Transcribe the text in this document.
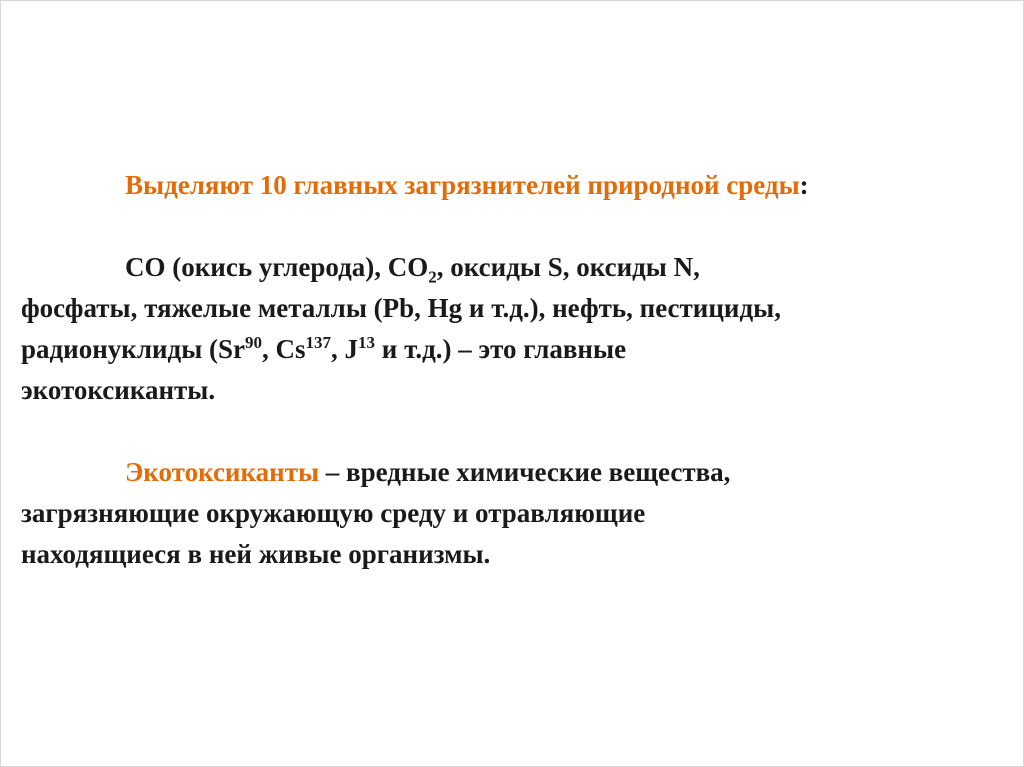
Выделяют 10 главных загрязнителей природной среды:

СО (окись углерода), $СО_2$, оксиды S, оксиды N,

фосфаты, тяжелые металлы (Pb, Hg и т.д.), нефть, пестициды,

радионуклиды (Sr$^{90}$, Cs$^{137}$, $J^{13}$ и т.д.) – это главные

экотоксиканты.

Экотоксиканты – вредные химические вещества,

загрязняющие окружающую среду и отравляющие

находящиеся в ней живые организмы.
